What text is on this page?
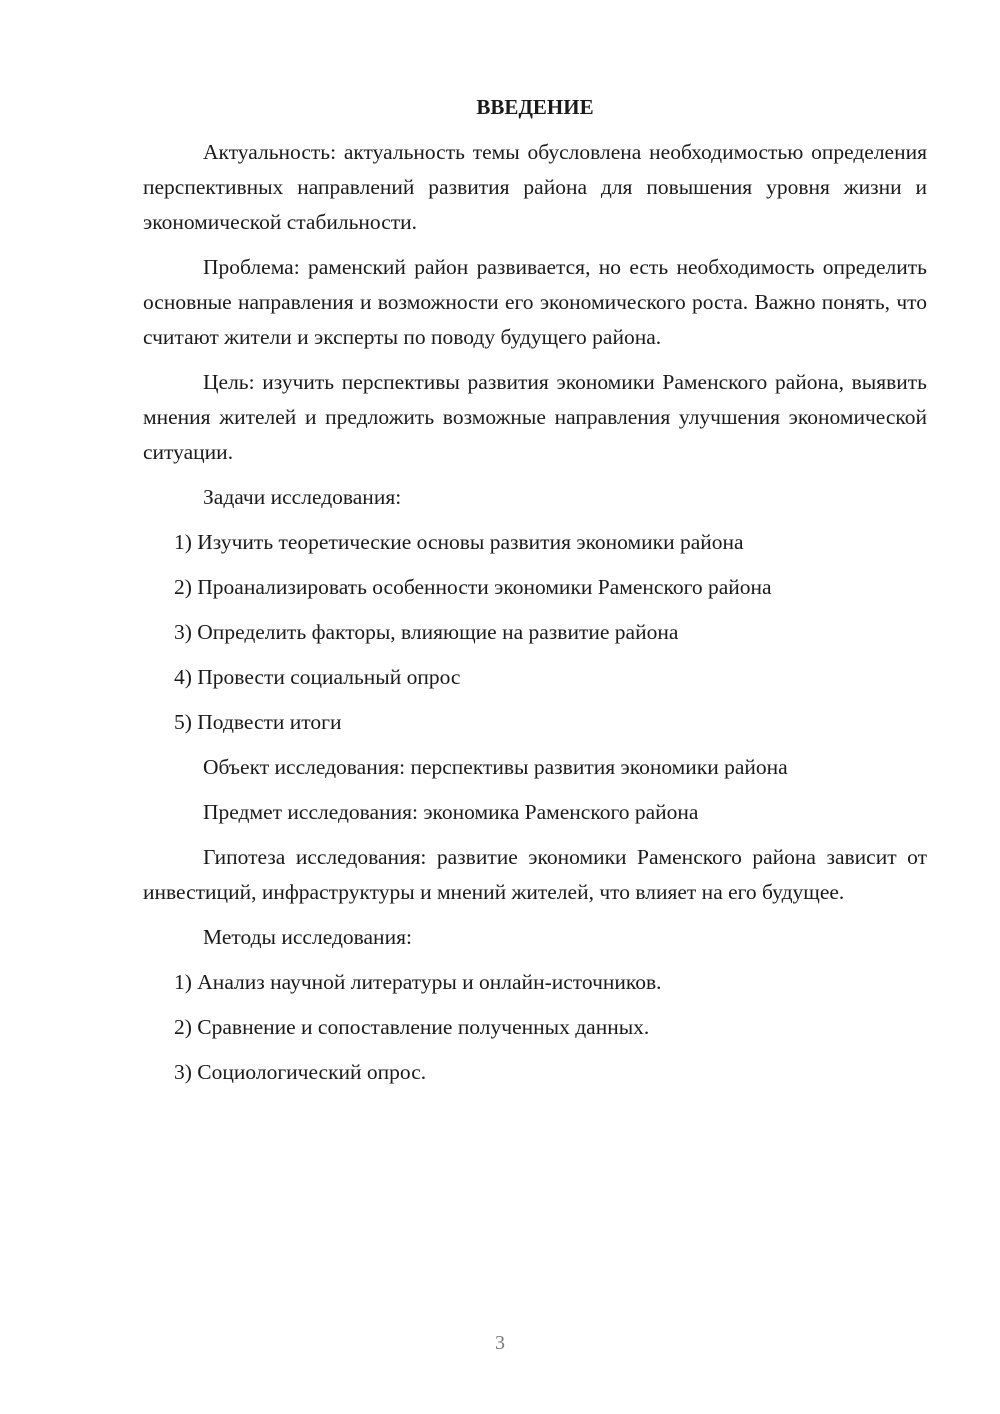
ВВЕДЕНИЕ
Актуальность: актуальность темы обусловлена необходимостью определения перспективных направлений развития района для повышения уровня жизни и экономической стабильности.
Проблема: раменский район развивается, но есть необходимость определить основные направления и возможности его экономического роста. Важно понять, что считают жители и эксперты по поводу будущего района.
Цель: изучить перспективы развития экономики Раменского района, выявить мнения жителей и предложить возможные направления улучшения экономической ситуации.
Задачи исследования:
1) Изучить теоретические основы развития экономики района
2) Проанализировать особенности экономики Раменского района
3) Определить факторы, влияющие на развитие района
4) Провести социальный опрос
5) Подвести итоги
Объект исследования: перспективы развития экономики района
Предмет исследования: экономика Раменского района
Гипотеза исследования: развитие экономики Раменского района зависит от инвестиций, инфраструктуры и мнений жителей, что влияет на его будущее.
Методы исследования:
1) Анализ научной литературы и онлайн-источников.
2) Сравнение и сопоставление полученных данных.
3) Социологический опрос.
3
